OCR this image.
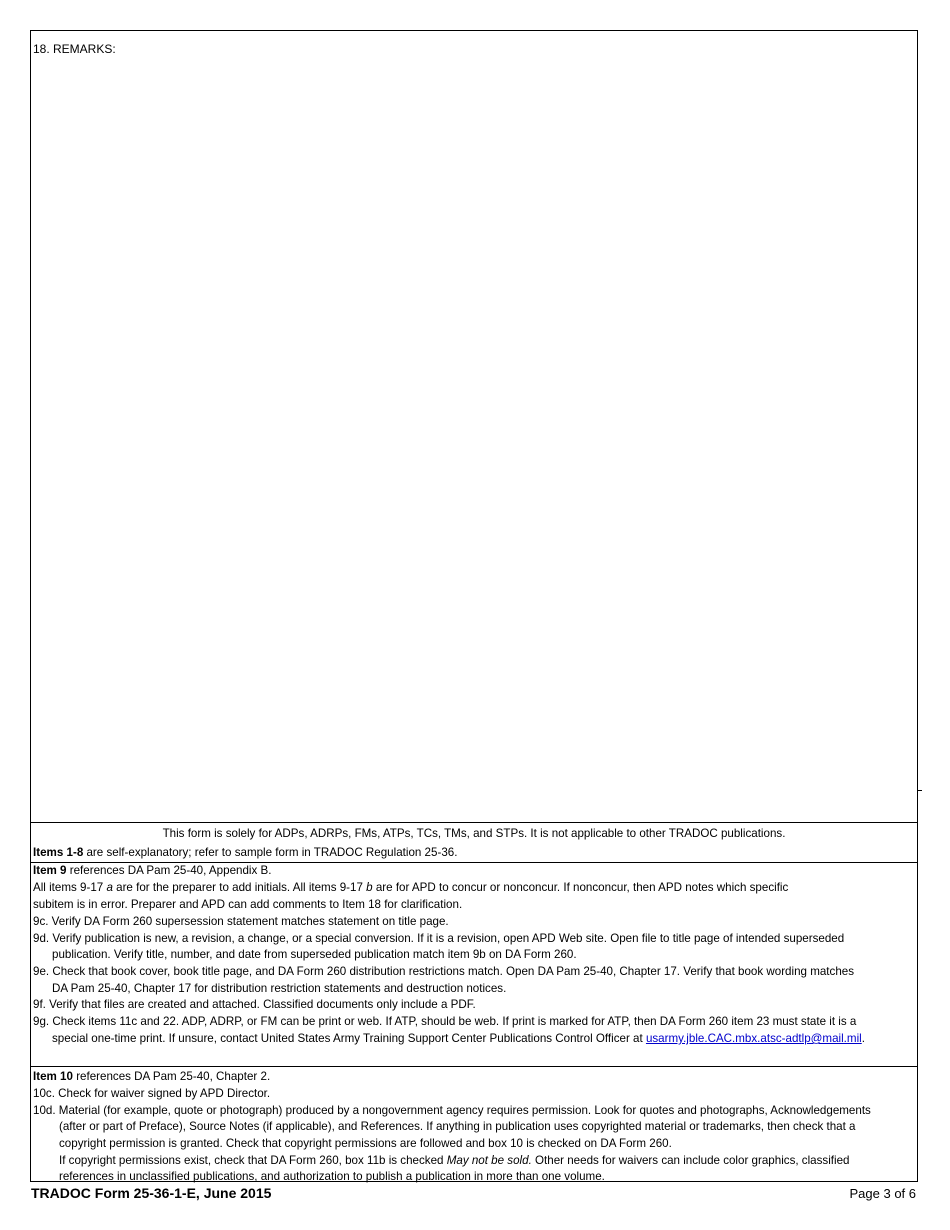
18. REMARKS:
This form is solely for ADPs, ADRPs, FMs, ATPs, TCs, TMs, and STPs. It is not applicable to other TRADOC publications.
Items 1-8 are self-explanatory; refer to sample form in TRADOC Regulation 25-36.
Item 9 references DA Pam 25-40, Appendix B.
All items 9-17 a are for the preparer to add initials. All items 9-17 b are for APD to concur or nonconcur. If nonconcur, then APD notes which specific
subitem is in error. Preparer and APD can add comments to Item 18 for clarification.
9c. Verify DA Form 260 supersession statement matches statement on title page.
9d. Verify publication is new, a revision, a change, or a special conversion. If it is a revision, open APD Web site. Open file to title page of intended superseded
publication. Verify title, number, and date from superseded publication match item 9b on DA Form 260.
9e. Check that book cover, book title page, and DA Form 260 distribution restrictions match. Open DA Pam 25-40, Chapter 17. Verify that book wording matches
DA Pam 25-40, Chapter 17 for distribution restriction statements and destruction notices.
9f. Verify that files are created and attached. Classified documents only include a PDF.
9g. Check items 11c and 22. ADP, ADRP, or FM can be print or web. If ATP, should be web. If print is marked for ATP, then DA Form 260 item 23 must state it is a
special one-time print. If unsure, contact United States Army Training Support Center Publications Control Officer at usarmy.jble.CAC.mbx.atsc-adtlp@mail.mil.
Item 10 references DA Pam 25-40, Chapter 2.
10c. Check for waiver signed by APD Director.
10d. Material (for example, quote or photograph) produced by a nongovernment agency requires permission. Look for quotes and photographs, Acknowledgements
(after or part of Preface), Source Notes (if applicable), and References. If anything in publication uses copyrighted material or trademarks, then check that a
copyright permission is granted. Check that copyright permissions are followed and box 10 is checked on DA Form 260.
If copyright permissions exist, check that DA Form 260, box 11b is checked May not be sold. Other needs for waivers can include color graphics, classified
references in unclassified publications, and authorization to publish a publication in more than one volume.
TRADOC Form 25-36-1-E, June 2015	Page 3 of 6
